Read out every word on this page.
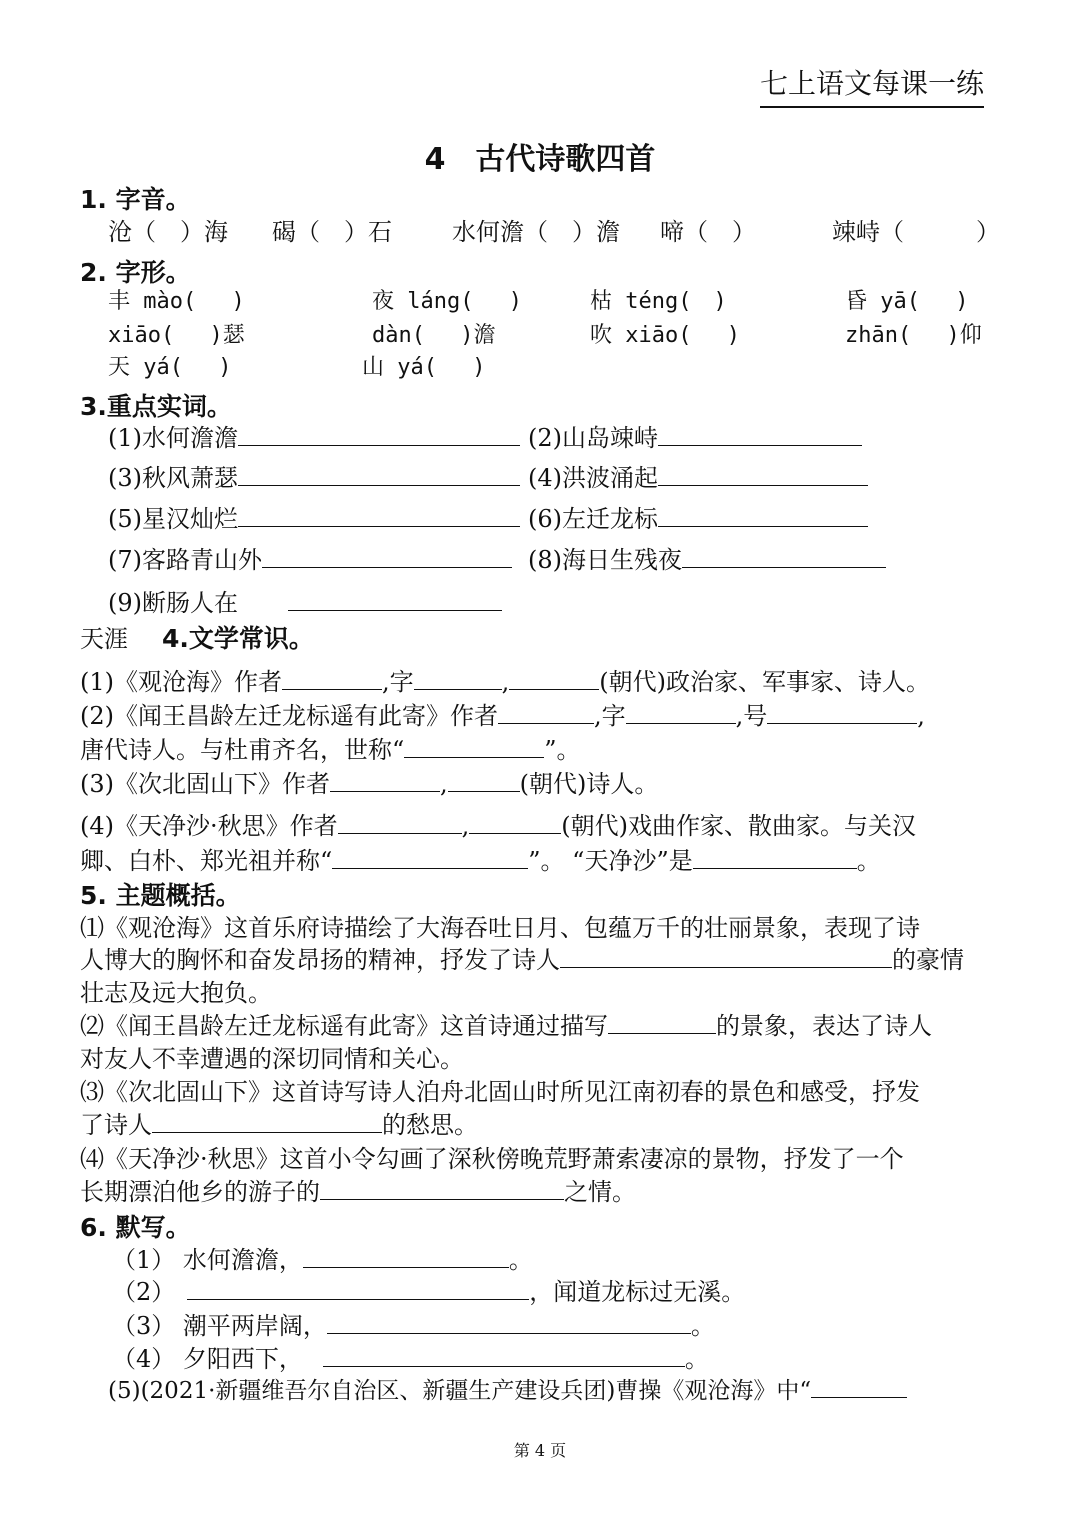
七上语文每课一练
4　古代诗歌四首
1. 字音。
沧（　）海 碣（　）石	水何澹（　）澹 啼（　）	竦峙（　　　）
2. 字形。
丰 mào(　 )	夜 láng(　 )	枯 téng(　)	昏 yā(　 )
xiāo(　 )瑟	dàn(　 )澹	吹 xiāo(　 )	zhān(　 )仰
天 yá(　 )	山 yá(　 )
3.重点实词。
(1)水何澹澹	(2)山岛竦峙
(3)秋风萧瑟	(4)洪波涌起
(5)星汉灿烂	(6)左迁龙标
(7)客路青山外	(8)海日生残夜
(9)断肠人在
天涯 4.文学常识。
(1)《观沧海》作者	,字	,	(朝代)政治家、军事家、诗人。
(2)《闻王昌龄左迁龙标遥有此寄》作者	,字	,号	,
唐代诗人。与杜甫齐名，世称“	”。
(3)《次北固山下》作者	,	(朝代)诗人。
(4)《天净沙·秋思》作者	,	(朝代)戏曲作家、散曲家。与关汉
卿、白朴、郑光祖并称“	”。 “天净沙”是	。
5. 主题概括。
⑴《观沧海》这首乐府诗描绘了大海吞吐日月、包蕴万千的壮丽景象，表现了诗
人博大的胸怀和奋发昂扬的精神，抒发了诗人	的豪情
壮志及远大抱负。
⑵《闻王昌龄左迁龙标遥有此寄》这首诗通过描写	的景象，表达了诗人
对友人不幸遭遇的深切同情和关心。
⑶《次北固山下》这首诗写诗人泊舟北固山时所见江南初春的景色和感受，抒发
了诗人	的愁思。
⑷《天净沙·秋思》这首小令勾画了深秋傍晚荒野萧索凄凉的景物，抒发了一个
长期漂泊他乡的游子的	之情。
6. 默写。
（1） 水何澹澹，	。
（2）	，闻道龙标过无溪。
（3） 潮平两岸阔，	。
（4） 夕阳西下，	。
(5)(2021·新疆维吾尔自治区、新疆生产建设兵团)曹操《观沧海》中“
第 4 页
